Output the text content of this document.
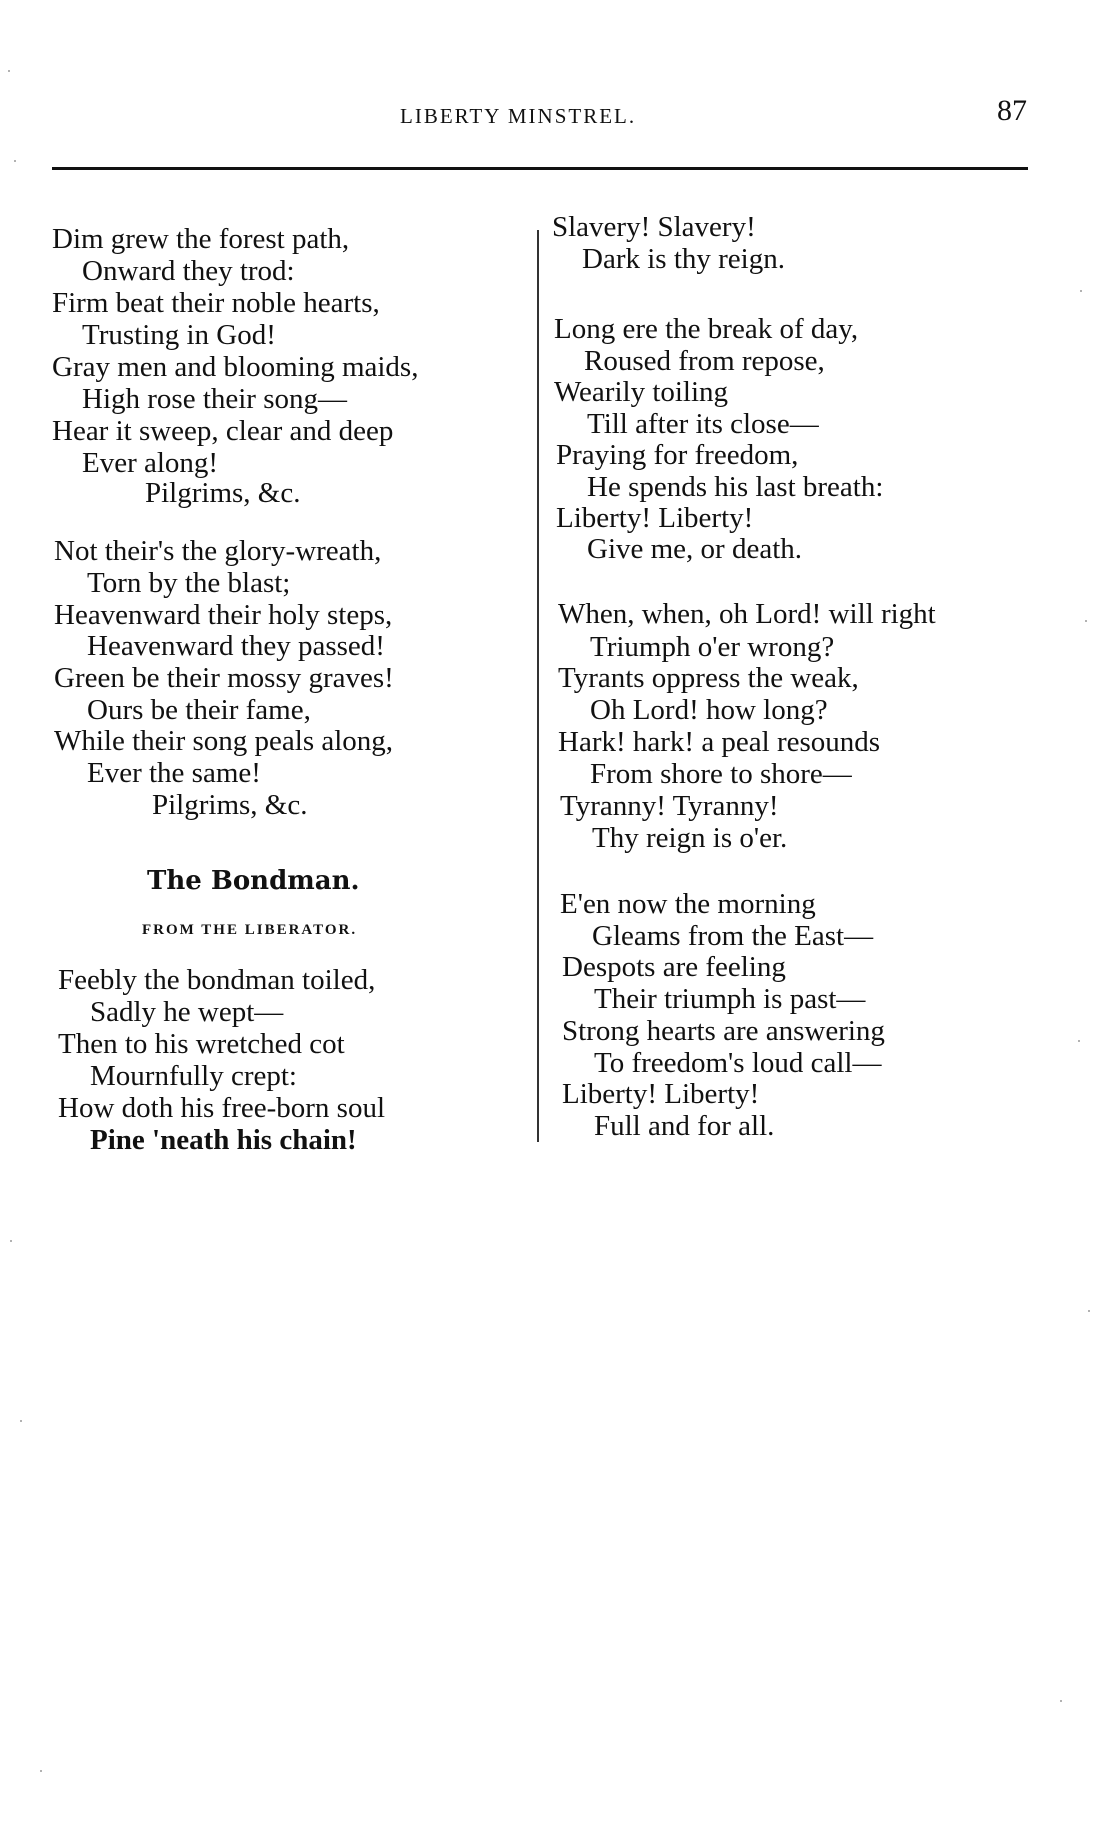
LIBERTY MINSTREL.	87
Dim grew the forest path,
Onward they trod:
Firm beat their noble hearts,
Trusting in God!
Gray men and blooming maids,
High rose their song—
Hear it sweep, clear and deep
Ever along!
Pilgrims, &c.
Not their's the glory-wreath,
Torn by the blast;
Heavenward their holy steps,
Heavenward they passed!
Green be their mossy graves!
Ours be their fame,
While their song peals along,
Ever the same!
Pilgrims, &c.
The Bondman.
FROM THE LIBERATOR.
Feebly the bondman toiled,
Sadly he wept—
Then to his wretched cot
Mournfully crept:
How doth his free-born soul
Pine 'neath his chain!
Slavery! Slavery!
Dark is thy reign.
Long ere the break of day,
Roused from repose,
Wearily toiling
Till after its close—
Praying for freedom,
He spends his last breath:
Liberty! Liberty!
Give me, or death.
When, when, oh Lord! will right
Triumph o'er wrong?
Tyrants oppress the weak,
Oh Lord! how long?
Hark! hark! a peal resounds
From shore to shore—
Tyranny! Tyranny!
Thy reign is o'er.
E'en now the morning
Gleams from the East—
Despots are feeling
Their triumph is past—
Strong hearts are answering
To freedom's loud call—
Liberty! Liberty!
Full and for all.
